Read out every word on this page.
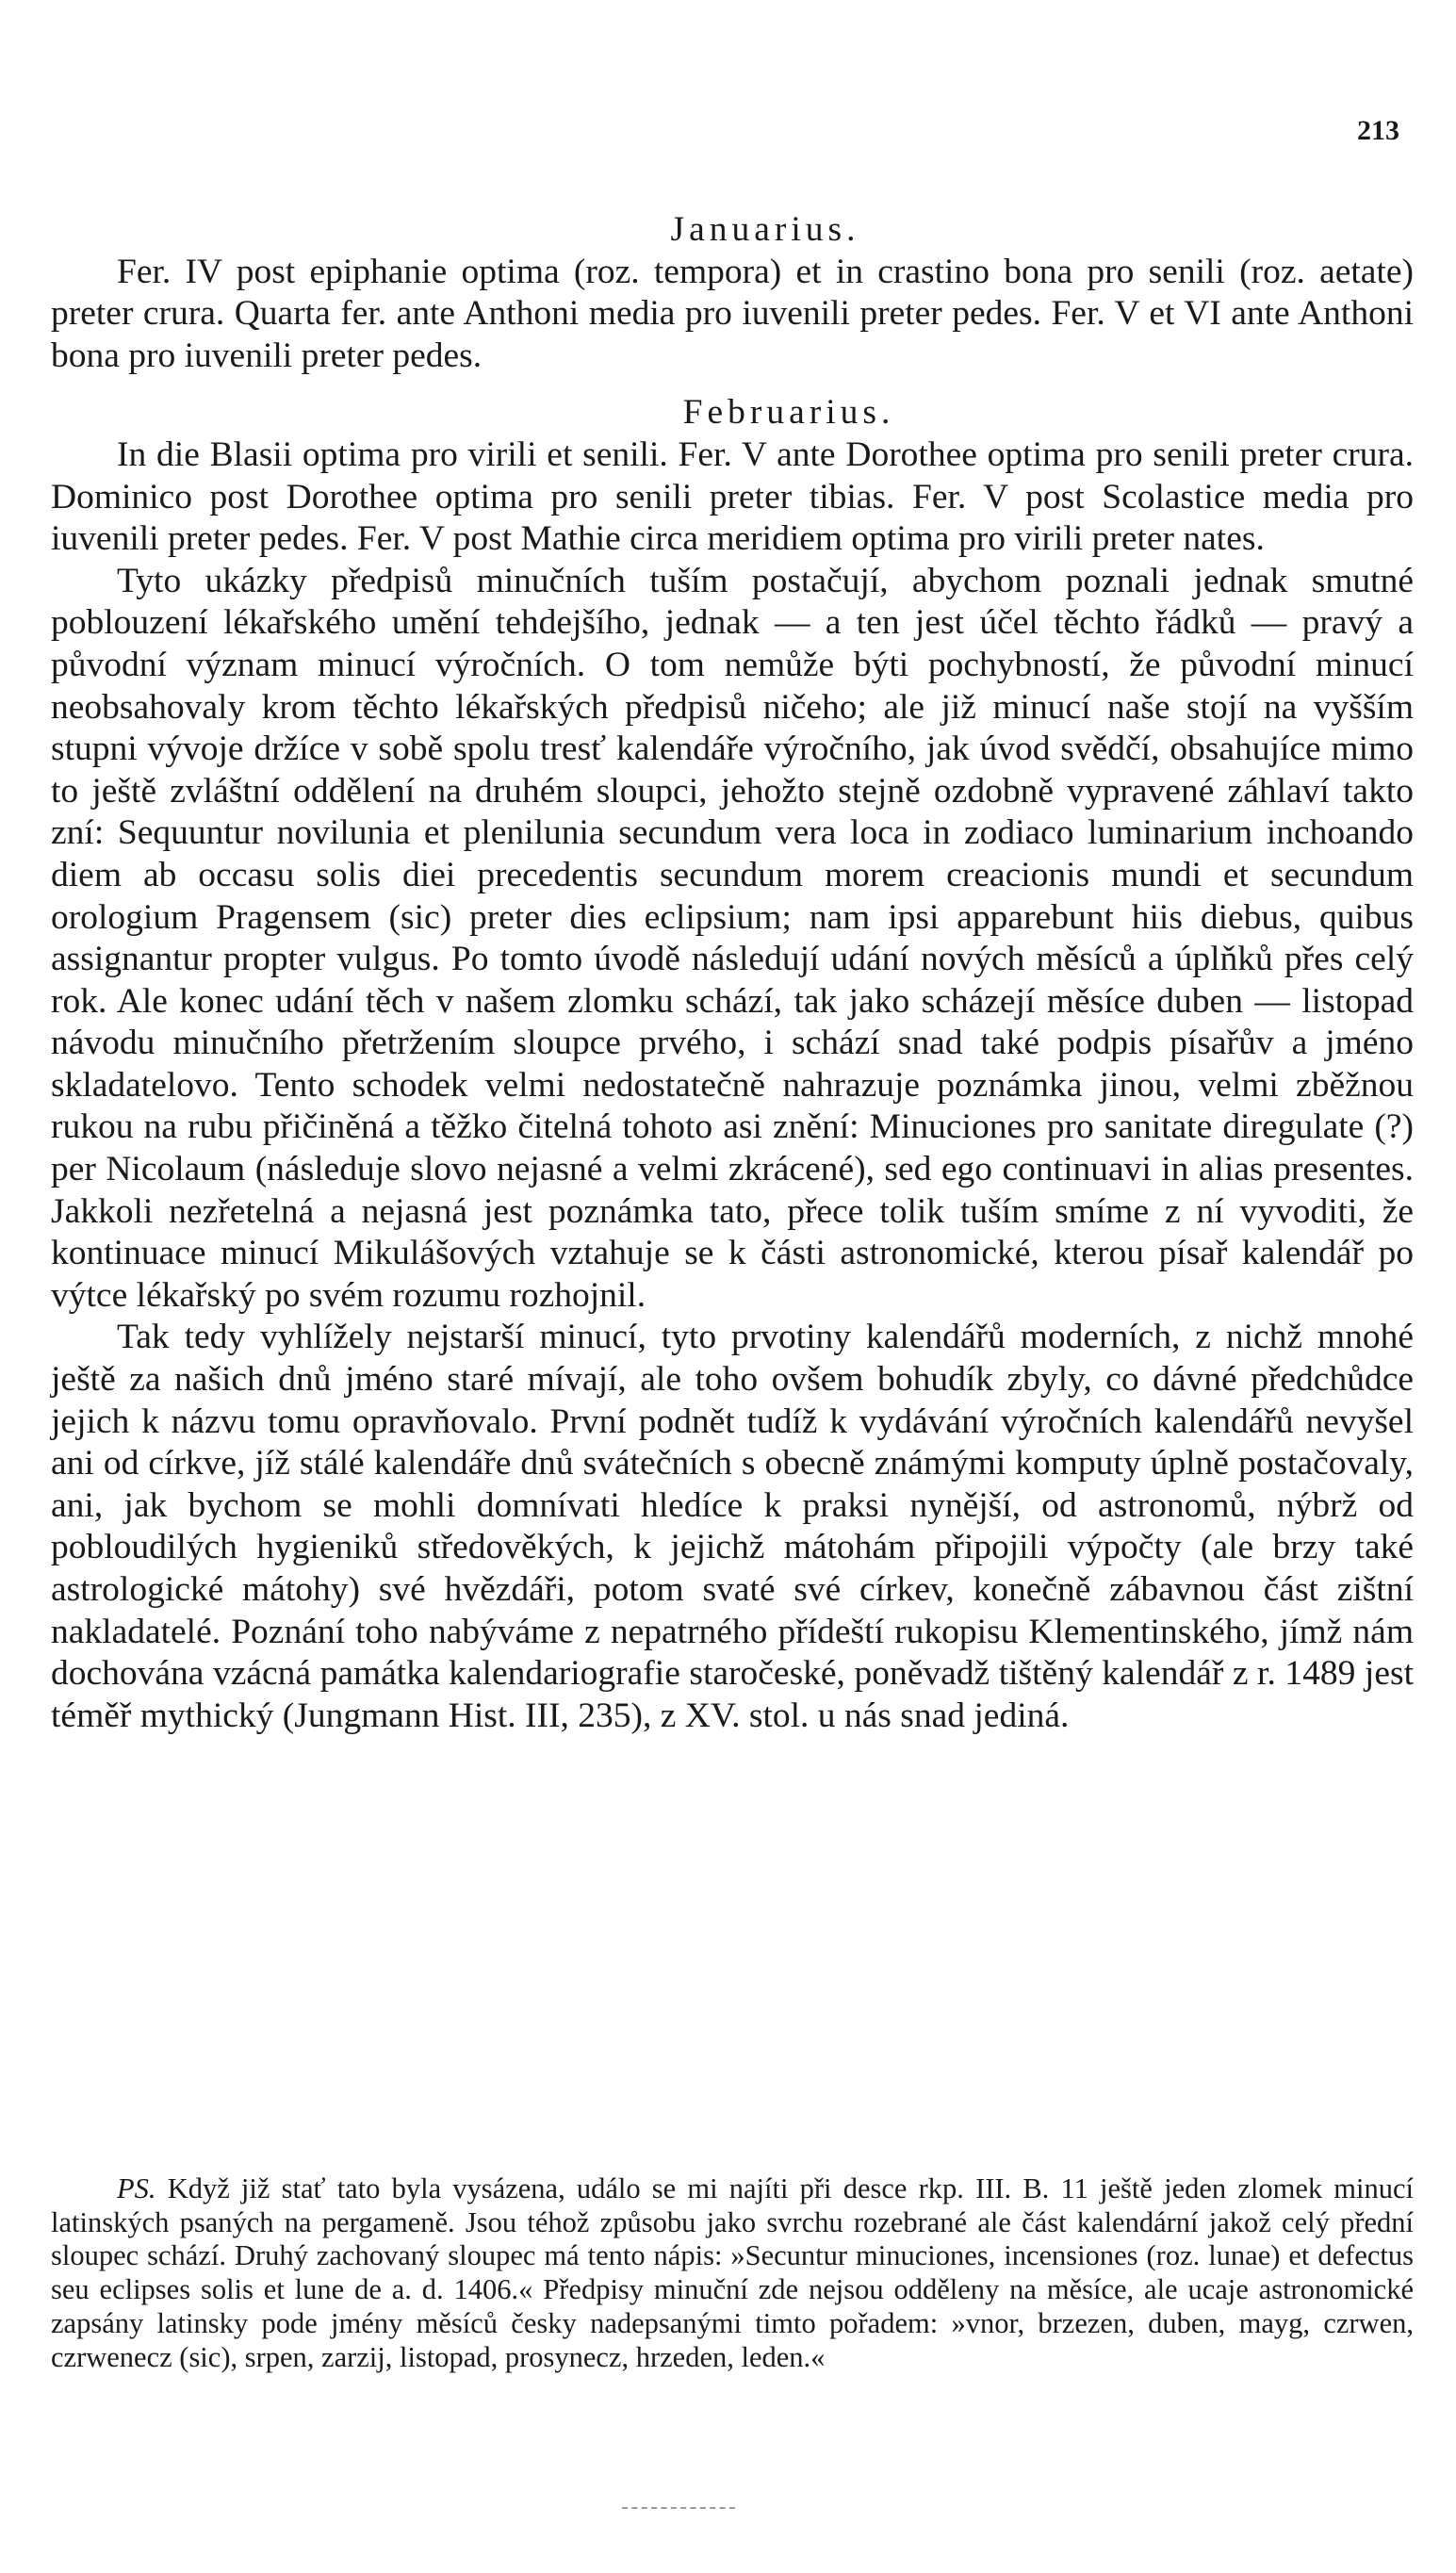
213
Januarius.

Fer. IV post epiphanie optima (roz. tempora) et in crastino bona pro senili (roz. aetate) preter crura. Quarta fer. ante Anthoni media pro iuvenili preter pedes. Fer. V et VI ante Anthoni bona pro iuvenili preter pedes.

Februarius.

In die Blasii optima pro virili et senili. Fer. V ante Dorothee optima pro senili preter crura. Dominico post Dorothee optima pro senili preter tibias. Fer. V post Scolastice media pro iuvenili preter pedes. Fer. V post Mathie circa meridiem optima pro virili preter nates.

Tyto ukázky předpisů minučních tuším postačují, abychom poznali jednak smutné poblouzení lékařského umění tehdejšího, jednak — a ten jest účel těchto řádků — pravý a původní význam minucí výročních. O tom nemůže býti pochybností, že původní minucí neobsahovaly krom těchto lékařských předpisů ničeho; ale již minucí naše stojí na vyšším stupni vývoje držíce v sobě spolu tresť kalendáře výročního, jak úvod svědčí, obsahujíce mimo to ještě zvláštní oddělení na druhém sloupci, jehožto stejně ozdobně vypravené záhlaví takto zní: Sequuntur novilunia et plenilunia secundum vera loca in zodiaco luminarium inchoando diem ab occasu solis diei precedentis secundum morem creacionis mundi et secundum orologium Pragensem (sic) preter dies eclipsium; nam ipsi apparebunt hiis diebus, quibus assignantur propter vulgus. Po tomto úvodě následují udání nových měsíců a úplňků přes celý rok. Ale konec udání těch v našem zlomku schází, tak jako scházejí měsíce duben — listopad návodu minučního přetržením sloupce prvého, i schází snad také podpis písařův a jméno skladatelovo. Tento schodek velmi nedostatečně nahrazuje poznámka jinou, velmi zběžnou rukou na rubu přičiněná a těžko čitelná tohoto asi znění: Minuciones pro sanitate diregulate (?) per Nicolaum (následuje slovo nejasné a velmi zkrácené), sed ego continuavi in alias presentes. Jakkoli nezřetelná a nejasná jest poznámka tato, přece tolik tuším smíme z ní vyvoditi, že kontinuace minucí Mikulášových vztahuje se k části astronomické, kterou písař kalendář po výtce lékařský po svém rozumu rozhojnil.

Tak tedy vyhlížely nejstarší minucí, tyto prvotiny kalendářů moderních, z nichž mnohé ještě za našich dnů jméno staré mívají, ale toho ovšem bohudík zbyly, co dávné předchůdce jejich k názvu tomu opravňovalo. První podnět tudíž k vydávání výročních kalendářů nevyšel ani od církve, jíž stálé kalendáře dnů svátečních s obecně známými komputy úplně postačovaly, ani, jak bychom se mohli domnívati hledíce k praksi nynější, od astronomů, nýbrž od pobloudilých hygieniků středověkých, k jejichž mátohám připojili výpočty (ale brzy také astrologické mátohy) své hvězdáři, potom svaté své církev, konečně zábavnou část zištní nakladatelé. Poznání toho nabýváme z nepatrného přídeští rukopisu Klementinského, jímž nám dochována vzácná památka kalendariografie staročeské, poněvadž tištěný kalendář z r. 1489 jest téměř mythický (Jungmann Hist. III, 235), z XV. stol. u nás snad jediná.

PS. Když již stať tato byla vysázena, událo se mi najíti při desce rkp. III. B. 11 ještě jeden zlomek minucí latinských psaných na pergameně. Jsou téhož způsobu jako svrchu rozebrané ale část kalendární jakož celý přední sloupec schází. Druhý zachovaný sloupec má tento nápis: »Secuntur minuciones, incensiones (roz. lunae) et defectus seu eclipses solis et lune de a. d. 1406.« Předpisy minuční zde nejsou odděleny na měsíce, ale ucaje astronomické zapsány latinsky pode jmény měsíců česky nadepsanými timto pořadem: »vnor, brzezen, duben, mayg, czrwen, czrwenecz (sic), srpen, zarzij, listopad, prosynecz, hrzeden, leden.«
